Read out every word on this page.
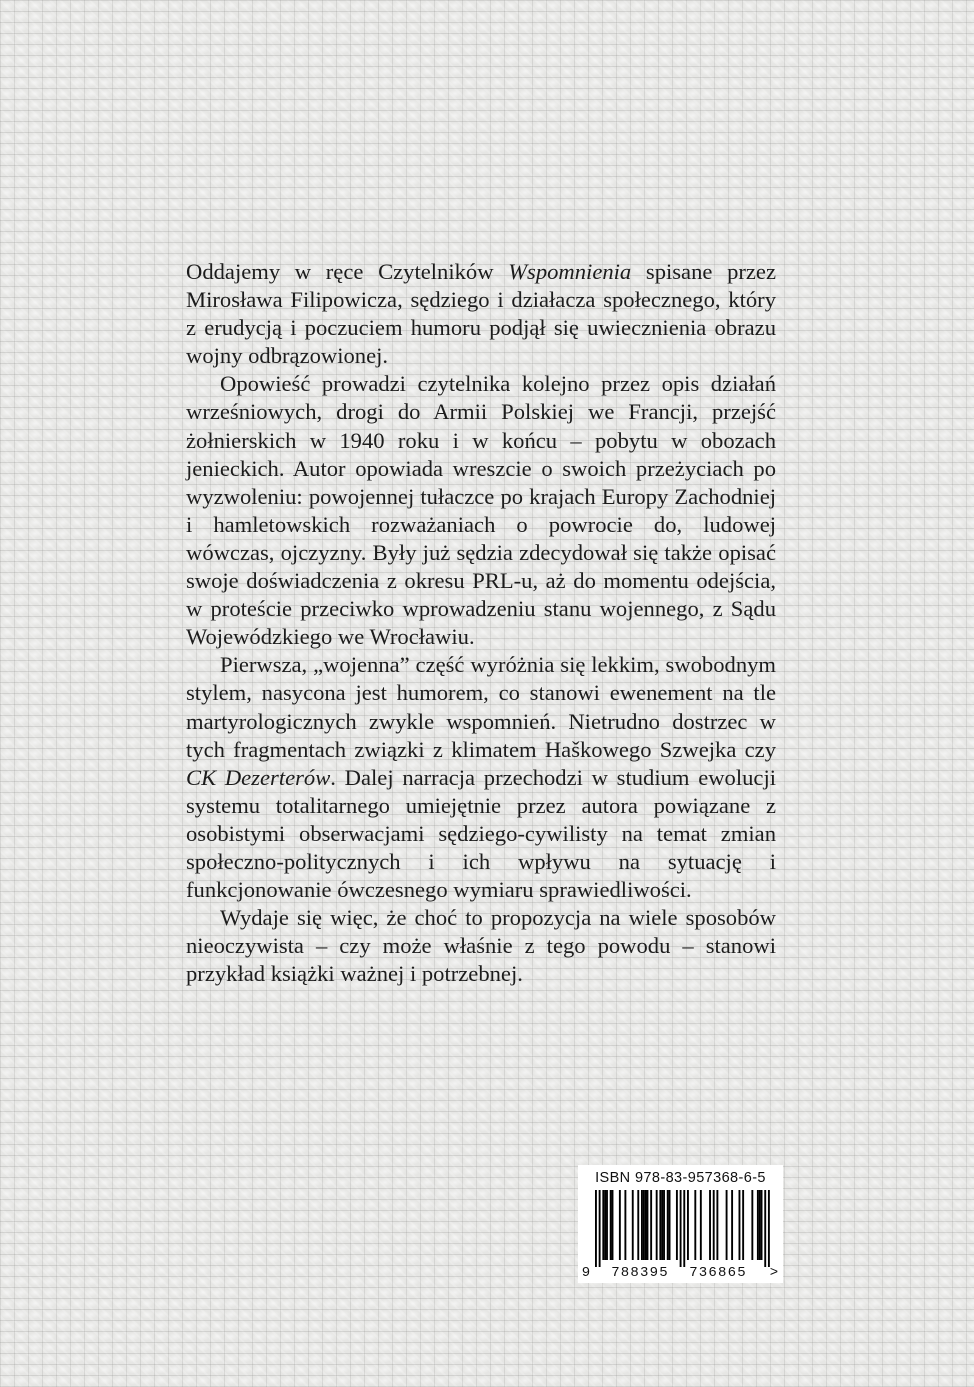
Oddajemy w ręce Czytelników Wspomnienia spisane przez Mirosława Filipowicza, sędziego i działacza społecznego, który z erudycją i poczuciem humoru podjął się uwiecznienia obrazu wojny odbrązowionej.

Opowieść prowadzi czytelnika kolejno przez opis działań wrześniowych, drogi do Armii Polskiej we Francji, przejść żołnierskich w 1940 roku i w końcu – pobytu w obozach jenieckich. Autor opowiada wreszcie o swoich przeżyciach po wyzwoleniu: powojennej tułaczce po krajach Europy Zachodniej i hamletowskich rozważaniach o powrocie do, ludowej wówczas, ojczyzny. Były już sędzia zdecydował się także opisać swoje doświadczenia z okresu PRL-u, aż do momentu odejścia, w proteście przeciwko wprowadzeniu stanu wojennego, z Sądu Wojewódzkiego we Wrocławiu.

Pierwsza, „wojenna” część wyróżnia się lekkim, swobodnym stylem, nasycona jest humorem, co stanowi ewenement na tle martyrologicznych zwykle wspomnień. Nietrudno dostrzec w tych fragmentach związki z klimatem Haškowego Szwejka czy CK Dezerterów. Dalej narracja przechodzi w studium ewolucji systemu totalitarnego umiejętnie przez autora powiązane z osobistymi obserwacjami sędziego-cywilisty na temat zmian społeczno-politycznych i ich wpływu na sytuację i funkcjonowanie ówczesnego wymiaru sprawiedliwości.

Wydaje się więc, że choć to propozycja na wiele sposobów nieoczywista – czy może właśnie z tego powodu – stanowi przykład książki ważnej i potrzebnej.

ISBN 978-83-957368-6-5
9 788395 736865 >
